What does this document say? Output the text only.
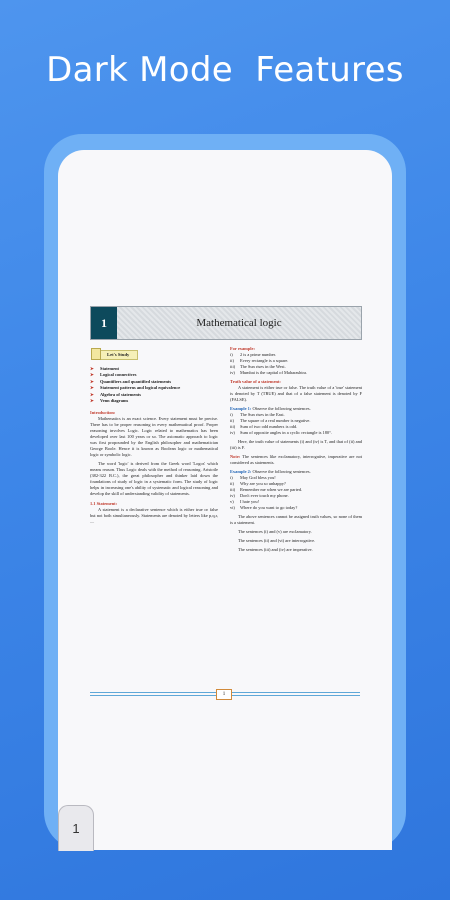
Dark Mode  Features
1	Mathematical logic
Let's Study
➤ Statement
➤ Logical connectives
➤ Quantifiers and quantified statements
➤ Statement patterns and logical equivalence
➤ Algebra of statements
➤ Venn diagrams
Introduction:

Mathematics is an exact science. Every statement must be precise. There has to be proper reasoning in every mathematical proof. Proper reasoning involves Logic. Logic related to mathematics has been developed over last 100 years or so. The axiomatic approach to logic was first propounded by the English philosopher and mathematician George Boole. Hence it is known as Boolean logic or mathematical logic or symbolic logic.

The word 'logic' is derived from the Greek word 'Logos' which means reason. Thus Logic deals with the method of reasoning. Aristotle (382-322 B.C.), the great philosopher and thinker laid down the foundations of study of logic in a systematic form. The study of logic helps in increasing one's ability of systematic and logical reasoning and develop the skill of understanding validity of statements.

1.1 Statement:

A statement is a declarative sentence which is either true or false but not both simultaneously. Statements are denoted by letters like p,q,r, ....

For example:
i) 2 is a prime number.
ii) Every rectangle is a square.
iii) The Sun rises in the West.
iv) Mumbai is the capital of Maharashtra.
Truth value of a statement:

A statement is either true or false. The truth value of a 'true' statement is denoted by T (TRUE) and that of a false statement is denoted by F (FALSE).

Example 1: Observe the following sentences.
i) The Sun rises in the East.
ii) The square of a real number is negative.
iii) Sum of two odd numbers is odd.
iv) Sum of opposite angles in a cyclic rectangle is 180°.

Here, the truth value of statements (i) and (iv) is T, and that of (ii) and (iii) is F.

Note: The sentences like exclamatory, interrogative, imperative are not considered as statements.

Example 2: Observe the following sentences.
i) May God bless you!
ii) Why are you so unhappy?
iii) Remember me when we are parted.
iv) Don't ever touch my phone.
v) I hate you!
vi) Where do you want to go today?

The above sentences cannot be assigned truth values, so none of them is a statement.

The sentences (i) and (v) are exclamatory.

The sentences (ii) and (vi) are interrogative.

The sentences (iii) and (iv) are imperative.

1
1
